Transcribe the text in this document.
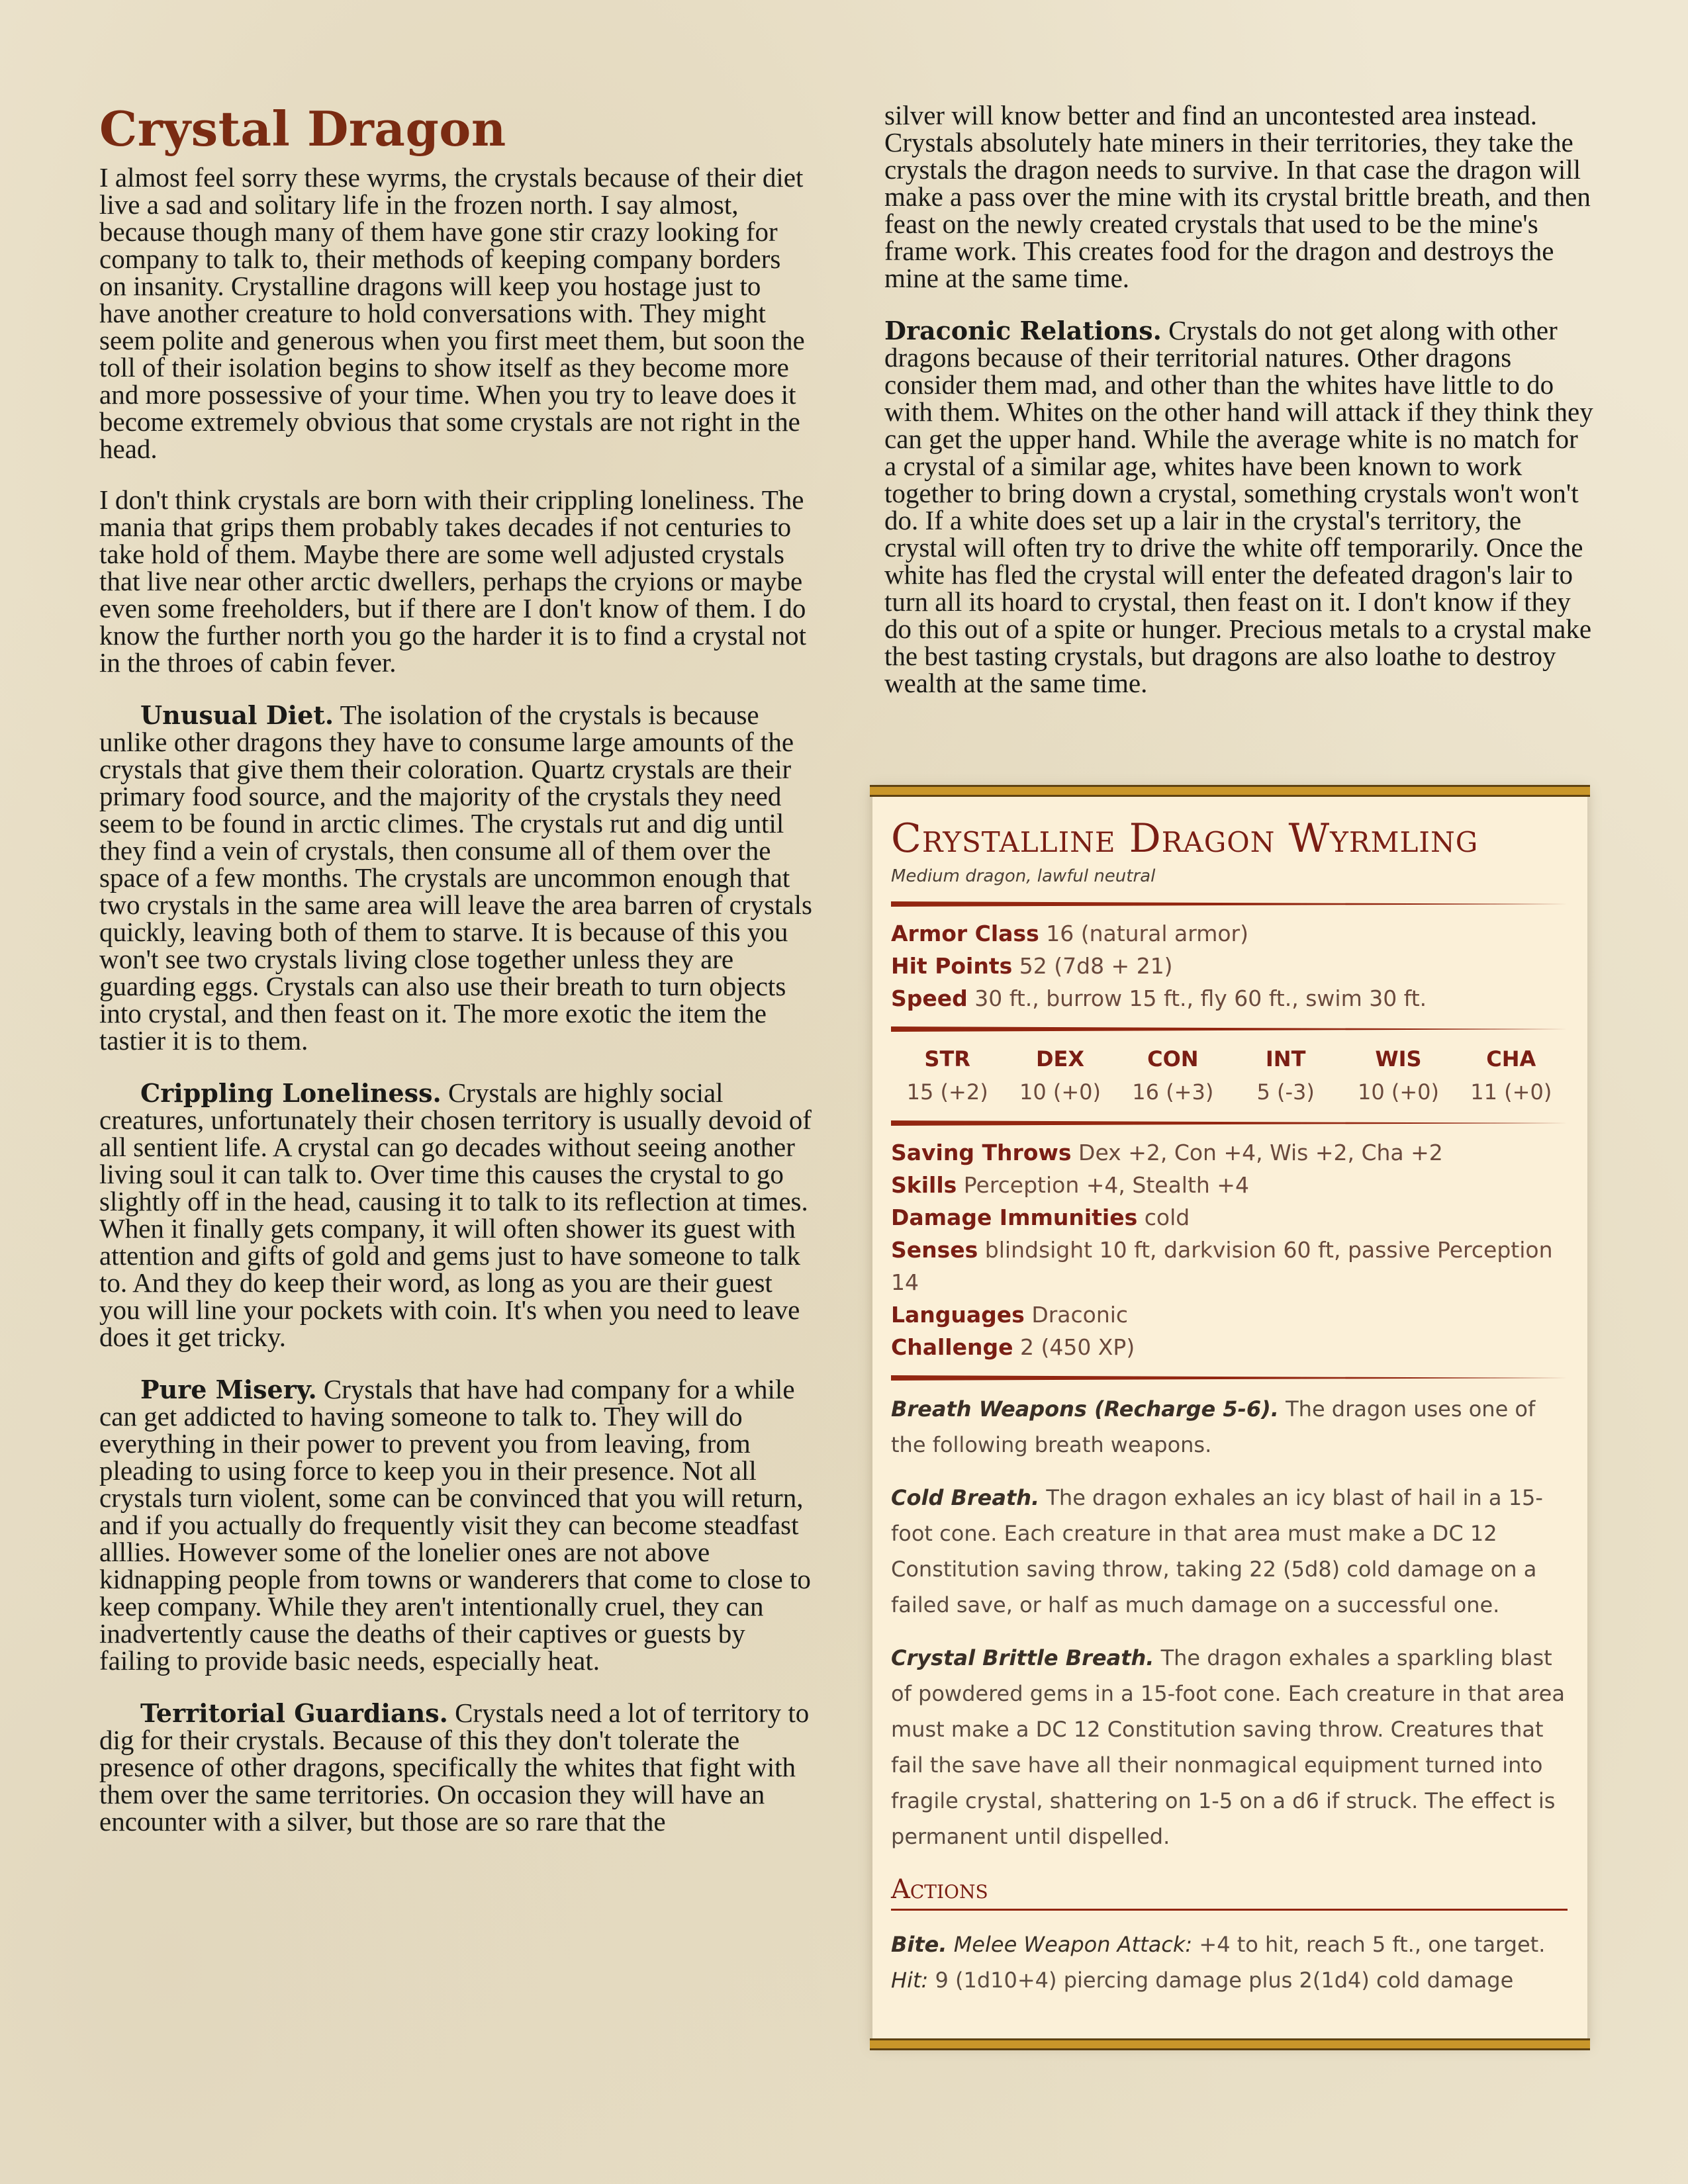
Crystal Dragon

I almost feel sorry these wyrms, the crystals because of their diet live a sad and solitary life in the frozen north. I say almost, because though many of them have gone stir crazy looking for company to talk to, their methods of keeping company borders on insanity. Crystalline dragons will keep you hostage just to have another creature to hold conversations with. They might seem polite and generous when you first meet them, but soon the toll of their isolation begins to show itself as they become more and more possessive of your time. When you try to leave does it become extremely obvious that some crystals are not right in the head.

I don't think crystals are born with their crippling loneliness. The mania that grips them probably takes decades if not centuries to take hold of them. Maybe there are some well adjusted crystals that live near other arctic dwellers, perhaps the cryions or maybe even some freeholders, but if there are I don't know of them. I do know the further north you go the harder it is to find a crystal not in the throes of cabin fever.

Unusual Diet. The isolation of the crystals is because unlike other dragons they have to consume large amounts of the crystals that give them their coloration. Quartz crystals are their primary food source, and the majority of the crystals they need seem to be found in arctic climes. The crystals rut and dig until they find a vein of crystals, then consume all of them over the space of a few months. The crystals are uncommon enough that two crystals in the same area will leave the area barren of crystals quickly, leaving both of them to starve. It is because of this you won't see two crystals living close together unless they are guarding eggs. Crystals can also use their breath to turn objects into crystal, and then feast on it. The more exotic the item the tastier it is to them.

Crippling Loneliness. Crystals are highly social creatures, unfortunately their chosen territory is usually devoid of all sentient life. A crystal can go decades without seeing another living soul it can talk to. Over time this causes the crystal to go slightly off in the head, causing it to talk to its reflection at times. When it finally gets company, it will often shower its guest with attention and gifts of gold and gems just to have someone to talk to. And they do keep their word, as long as you are their guest you will line your pockets with coin. It's when you need to leave does it get tricky.

Pure Misery. Crystals that have had company for a while can get addicted to having someone to talk to. They will do everything in their power to prevent you from leaving, from pleading to using force to keep you in their presence. Not all crystals turn violent, some can be convinced that you will return, and if you actually do frequently visit they can become steadfast alllies. However some of the lonelier ones are not above kidnapping people from towns or wanderers that come to close to keep company. While they aren't intentionally cruel, they can inadvertently cause the deaths of their captives or guests by failing to provide basic needs, especially heat.

Territorial Guardians. Crystals need a lot of territory to dig for their crystals. Because of this they don't tolerate the presence of other dragons, specifically the whites that fight with them over the same territories. On occasion they will have an encounter with a silver, but those are so rare that the

silver will know better and find an uncontested area instead. Crystals absolutely hate miners in their territories, they take the crystals the dragon needs to survive. In that case the dragon will make a pass over the mine with its crystal brittle breath, and then feast on the newly created crystals that used to be the mine's frame work. This creates food for the dragon and destroys the mine at the same time.

Draconic Relations. Crystals do not get along with other dragons because of their territorial natures. Other dragons consider them mad, and other than the whites have little to do with them. Whites on the other hand will attack if they think they can get the upper hand. While the average white is no match for a crystal of a similar age, whites have been known to work together to bring down a crystal, something crystals won't won't do. If a white does set up a lair in the crystal's territory, the crystal will often try to drive the white off temporarily. Once the white has fled the crystal will enter the defeated dragon's lair to turn all its hoard to crystal, then feast on it. I don't know if they do this out of a spite or hunger. Precious metals to a crystal make the best tasting crystals, but dragons are also loathe to destroy wealth at the same time.

Crystalline Dragon Wyrmling
Medium dragon, lawful neutral
Armor Class 16 (natural armor)
Hit Points 52 (7d8 + 21)
Speed 30 ft., burrow 15 ft., fly 60 ft., swim 30 ft.
STR
15 (+2)
DEX
10 (+0)
CON
16 (+3)
INT
5 (-3)
WIS
10 (+0)
CHA
11 (+0)
Saving Throws Dex +2, Con +4, Wis +2, Cha +2
Skills Perception +4, Stealth +4
Damage Immunities cold
Senses blindsight 10 ft, darkvision 60 ft, passive Perception 14
Languages Draconic
Challenge 2 (450 XP)

Breath Weapons (Recharge 5-6). The dragon uses one of the following breath weapons.

Cold Breath. The dragon exhales an icy blast of hail in a 15-foot cone. Each creature in that area must make a DC 12 Constitution saving throw, taking 22 (5d8) cold damage on a failed save, or half as much damage on a successful one.

Crystal Brittle Breath. The dragon exhales a sparkling blast of powdered gems in a 15-foot cone. Each creature in that area must make a DC 12 Constitution saving throw. Creatures that fail the save have all their nonmagical equipment turned into fragile crystal, shattering on 1-5 on a d6 if struck. The effect is permanent until dispelled.

Actions

Bite. Melee Weapon Attack: +4 to hit, reach 5 ft., one target. Hit: 9 (1d10+4) piercing damage plus 2(1d4) cold damage
